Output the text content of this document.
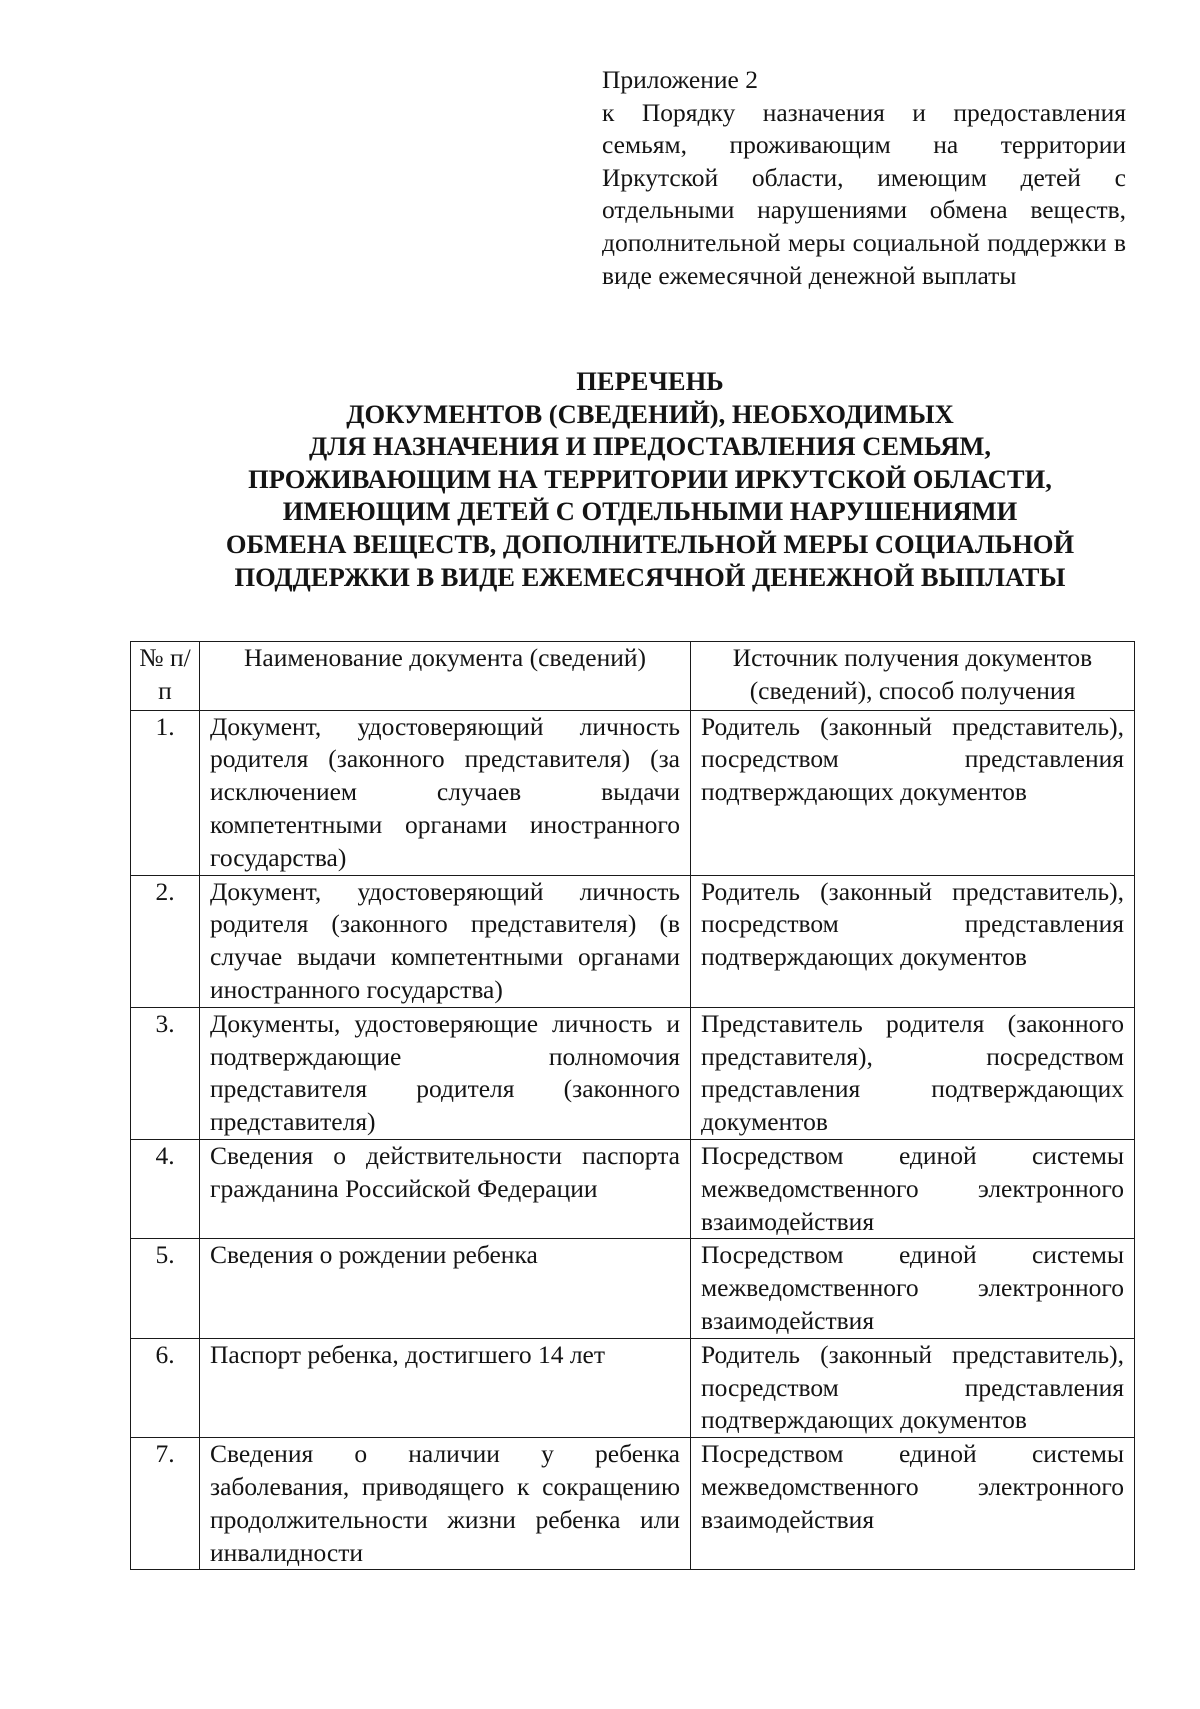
Приложение 2
к Порядку назначения и предоставления семьям, проживающим на территории Иркутской области, имеющим детей с отдельными нарушениями обмена веществ, дополнительной меры социальной поддержки в виде ежемесячной денежной выплаты
ПЕРЕЧЕНЬ
ДОКУМЕНТОВ (СВЕДЕНИЙ), НЕОБХОДИМЫХ
ДЛЯ НАЗНАЧЕНИЯ И ПРЕДОСТАВЛЕНИЯ СЕМЬЯМ,
ПРОЖИВАЮЩИМ НА ТЕРРИТОРИИ ИРКУТСКОЙ ОБЛАСТИ,
ИМЕЮЩИМ ДЕТЕЙ С ОТДЕЛЬНЫМИ НАРУШЕНИЯМИ
ОБМЕНА ВЕЩЕСТВ, ДОПОЛНИТЕЛЬНОЙ МЕРЫ СОЦИАЛЬНОЙ
ПОДДЕРЖКИ В ВИДЕ ЕЖЕМЕСЯЧНОЙ ДЕНЕЖНОЙ ВЫПЛАТЫ
№ п/п	Наименование документа (сведений)	Источник получения документов (сведений), способ получения
1.	Документ, удостоверяющий личность родителя (законного представителя) (за исключением случаев выдачи компетентными органами иностранного государства)	Родитель (законный представитель), посредством представления подтверждающих документов
2.	Документ, удостоверяющий личность родителя (законного представителя) (в случае выдачи компетентными органами иностранного государства)	Родитель (законный представитель), посредством представления подтверждающих документов
3.	Документы, удостоверяющие личность и подтверждающие полномочия представителя родителя (законного представителя)	Представитель родителя (законного представителя), посредством представления подтверждающих документов
4.	Сведения о действительности паспорта гражданина Российской Федерации	Посредством единой системы межведомственного электронного взаимодействия
5.	Сведения о рождении ребенка	Посредством единой системы межведомственного электронного взаимодействия
6.	Паспорт ребенка, достигшего 14 лет	Родитель (законный представитель), посредством представления подтверждающих документов
7.	Сведения о наличии у ребенка заболевания, приводящего к сокращению продолжительности жизни ребенка или инвалидности	Посредством единой системы межведомственного электронного взаимодействия
